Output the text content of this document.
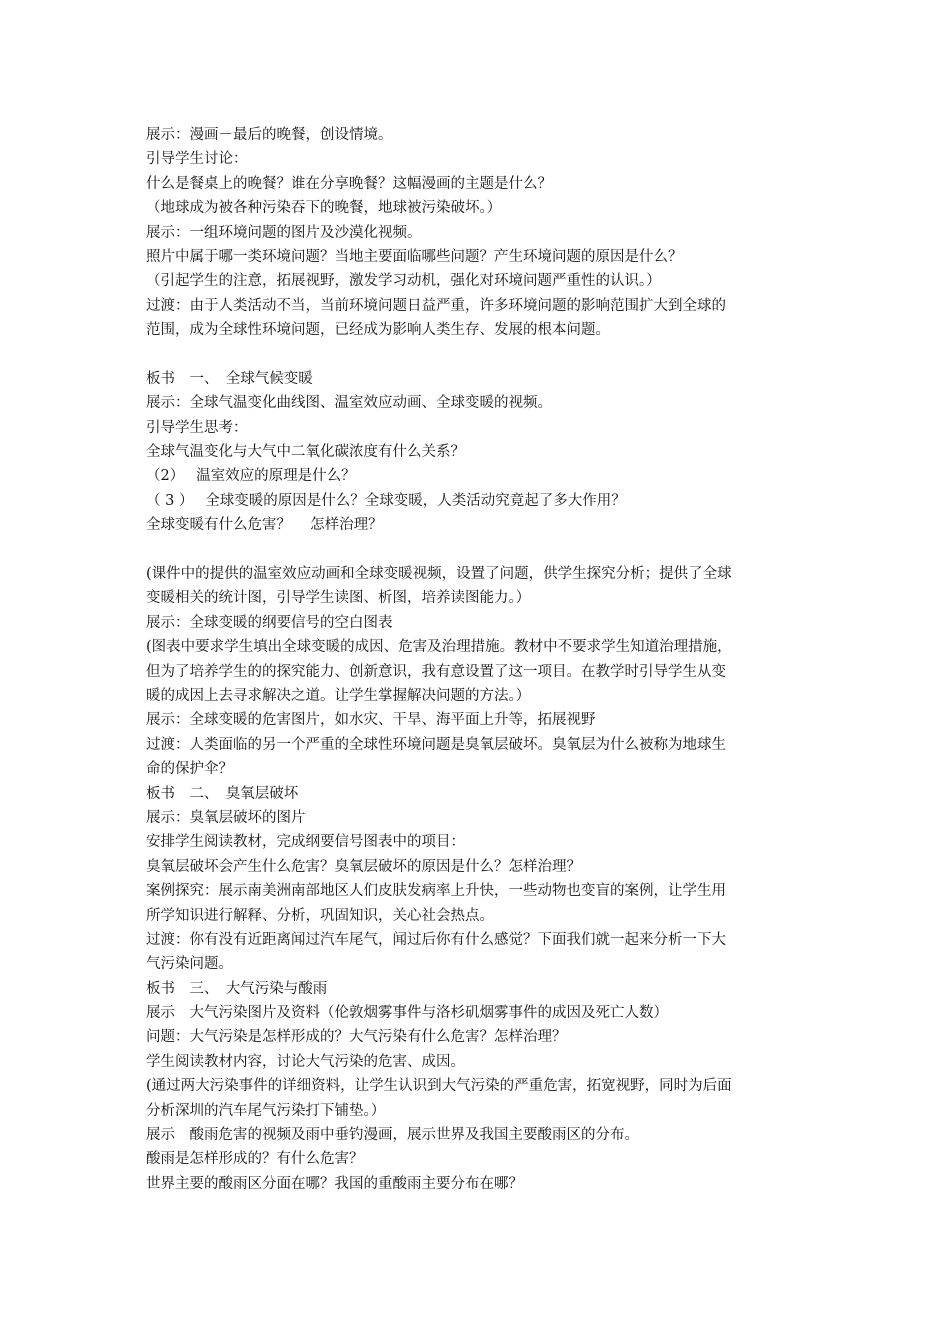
展示：漫画－最后的晚餐，创设情境。
引导学生讨论：
什么是餐桌上的晚餐？谁在分享晚餐？这幅漫画的主题是什么？
（地球成为被各种污染吞下的晚餐，地球被污染破坏。）
展示：一组环境问题的图片及沙漠化视频。
照片中属于哪一类环境问题？当地主要面临哪些问题？产生环境问题的原因是什么？
（引起学生的注意，拓展视野，激发学习动机，强化对环境问题严重性的认识。）
过渡：由于人类活动不当，当前环境问题日益严重，许多环境问题的影响范围扩大到全球的
范围，成为全球性环境问题，已经成为影响人类生存、发展的根本问题。
板书　一、　全球气候变暖
展示：全球气温变化曲线图、温室效应动画、全球变暖的视频。
引导学生思考：
全球气温变化与大气中二氧化碳浓度有什么关系？
（2）　 温室效应的原理是什么？
（ 3 ）　 全球变暖的原因是什么？全球变暖，人类活动究竟起了多大作用？
全球变暖有什么危害？　 怎样治理？
(课件中的提供的温室效应动画和全球变暖视频，设置了问题，供学生探究分析；提供了全球
变暖相关的统计图，引导学生读图、析图，培养读图能力。）
展示：全球变暖的纲要信号的空白图表
(图表中要求学生填出全球变暖的成因、危害及治理措施。教材中不要求学生知道治理措施，
但为了培养学生的的探究能力、创新意识，我有意设置了这一项目。在教学时引导学生从变
暖的成因上去寻求解决之道。让学生掌握解决问题的方法。）
展示：全球变暖的危害图片，如水灾、干旱、海平面上升等，拓展视野
过渡：人类面临的另一个严重的全球性环境问题是臭氧层破坏。臭氧层为什么被称为地球生
命的保护伞？
板书　二、　臭氧层破坏
展示：臭氧层破坏的图片
安排学生阅读教材，完成纲要信号图表中的项目：
臭氧层破坏会产生什么危害？臭氧层破坏的原因是什么？怎样治理？
案例探究：展示南美洲南部地区人们皮肤发病率上升快，一些动物也变盲的案例，让学生用
所学知识进行解释、分析，巩固知识，关心社会热点。
过渡：你有没有近距离闻过汽车尾气，闻过后你有什么感觉？下面我们就一起来分析一下大
气污染问题。
板书　三、　大气污染与酸雨
展示　大气污染图片及资料（伦敦烟雾事件与洛杉矶烟雾事件的成因及死亡人数）
问题：大气污染是怎样形成的？大气污染有什么危害？怎样治理？
学生阅读教材内容，讨论大气污染的危害、成因。
(通过两大污染事件的详细资料，让学生认识到大气污染的严重危害，拓宽视野，同时为后面
分析深圳的汽车尾气污染打下铺垫。）
展示　酸雨危害的视频及雨中垂钓漫画，展示世界及我国主要酸雨区的分布。
酸雨是怎样形成的？有什么危害？
世界主要的酸雨区分面在哪？我国的重酸雨主要分布在哪？
